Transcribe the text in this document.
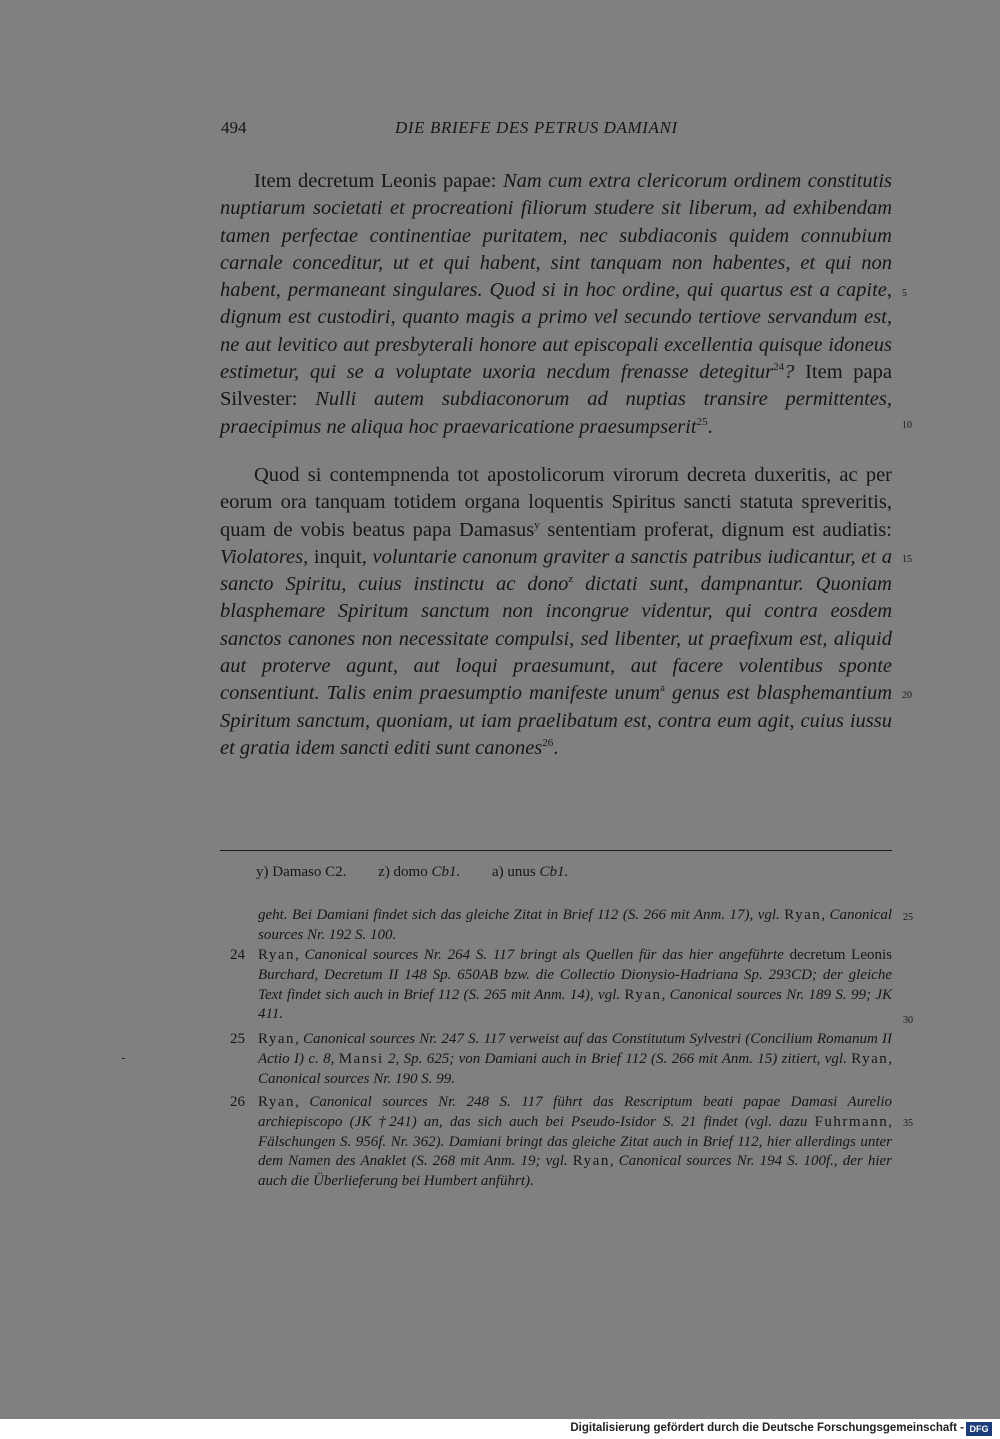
494	DIE BRIEFE DES PETRUS DAMIANI

Item decretum Leonis papae: Nam cum extra clericorum ordinem constitutis nuptiarum societati et procreationi filiorum studere sit liberum, ad exhibendam tamen perfectae continentiae puritatem, nec subdiaconis quidem connubium carnale conceditur, ut et qui habent, sint tanquam non habentes, et qui non habent, permaneant singulares. Quod si in hoc ordine, qui quartus est a capite, dignum est custodiri, quanto magis a primo vel secundo tertiove servandum est, ne aut levitico aut presbyterali honore aut episcopali excellentia quisque idoneus estimetur, qui se a voluptate uxoria necdum frenasse detegitur$^{24}$? Item papa Silvester: Nulli autem subdiaconorum ad nuptias transire permittentes, praecipimus ne aliqua hoc praevaricatione praesumpserit$^{25}$.

Quod si contempnenda tot apostolicorum virorum decreta duxeritis, ac per eorum ora tanquam totidem organa loquentis Spiritus sancti statuta spreveritis, quam de vobis beatus papa Damasus$^y$ sententiam proferat, dignum est audiatis: Violatores, inquit, voluntarie canonum graviter a sanctis patribus iudicantur, et a sancto Spiritu, cuius instinctu ac dono$^z$ dictati sunt, dampnantur. Quoniam blasphemare Spiritum sanctum non incongrue videntur, qui contra eosdem sanctos canones non necessitate compulsi, sed libenter, ut praefixum est, aliquid aut proterve agunt, aut loqui praesumunt, aut facere volentibus sponte consentiunt. Talis enim praesumptio manifeste unum$^a$ genus est blasphemantium Spiritum sanctum, quoniam, ut iam praelibatum est, contra eum agit, cuius iussu et gratia idem sancti editi sunt canones$^{26}$.

5
10
15
20
y) Damaso C2. z) domo Cb1. a) unus Cb1.

geht. Bei Damiani findet sich das gleiche Zitat in Brief 112 (S. 266 mit Anm. 17), vgl. Ryan, Canonical sources Nr. 192 S. 100.

24 Ryan, Canonical sources Nr. 264 S. 117 bringt als Quellen für das hier angeführte decretum Leonis Burchard, Decretum II 148 Sp. 650AB bzw. die Collectio Dionysio-Hadriana Sp. 293CD; der gleiche Text findet sich auch in Brief 112 (S. 265 mit Anm. 14), vgl. Ryan, Canonical sources Nr. 189 S. 99; JK 411.

25 Ryan, Canonical sources Nr. 247 S. 117 verweist auf das Constitutum Sylvestri (Concilium Romanum II Actio I) c. 8, Mansi 2, Sp. 625; von Damiani auch in Brief 112 (S. 266 mit Anm. 15) zitiert, vgl. Ryan, Canonical sources Nr. 190 S. 99.

26 Ryan, Canonical sources Nr. 248 S. 117 führt das Rescriptum beati papae Damasi Aurelio archiepiscopo (JK †241) an, das sich auch bei Pseudo-Isidor S. 21 findet (vgl. dazu Fuhrmann, Fälschungen S. 956f. Nr. 362). Damiani bringt das gleiche Zitat auch in Brief 112, hier allerdings unter dem Namen des Anaklet (S. 268 mit Anm. 19; vgl. Ryan, Canonical sources Nr. 194 S. 100f., der hier auch die Überlieferung bei Humbert anführt).

25
30
35
Digitalisierung gefördert durch die Deutsche Forschungsgemeinschaft - DFG
